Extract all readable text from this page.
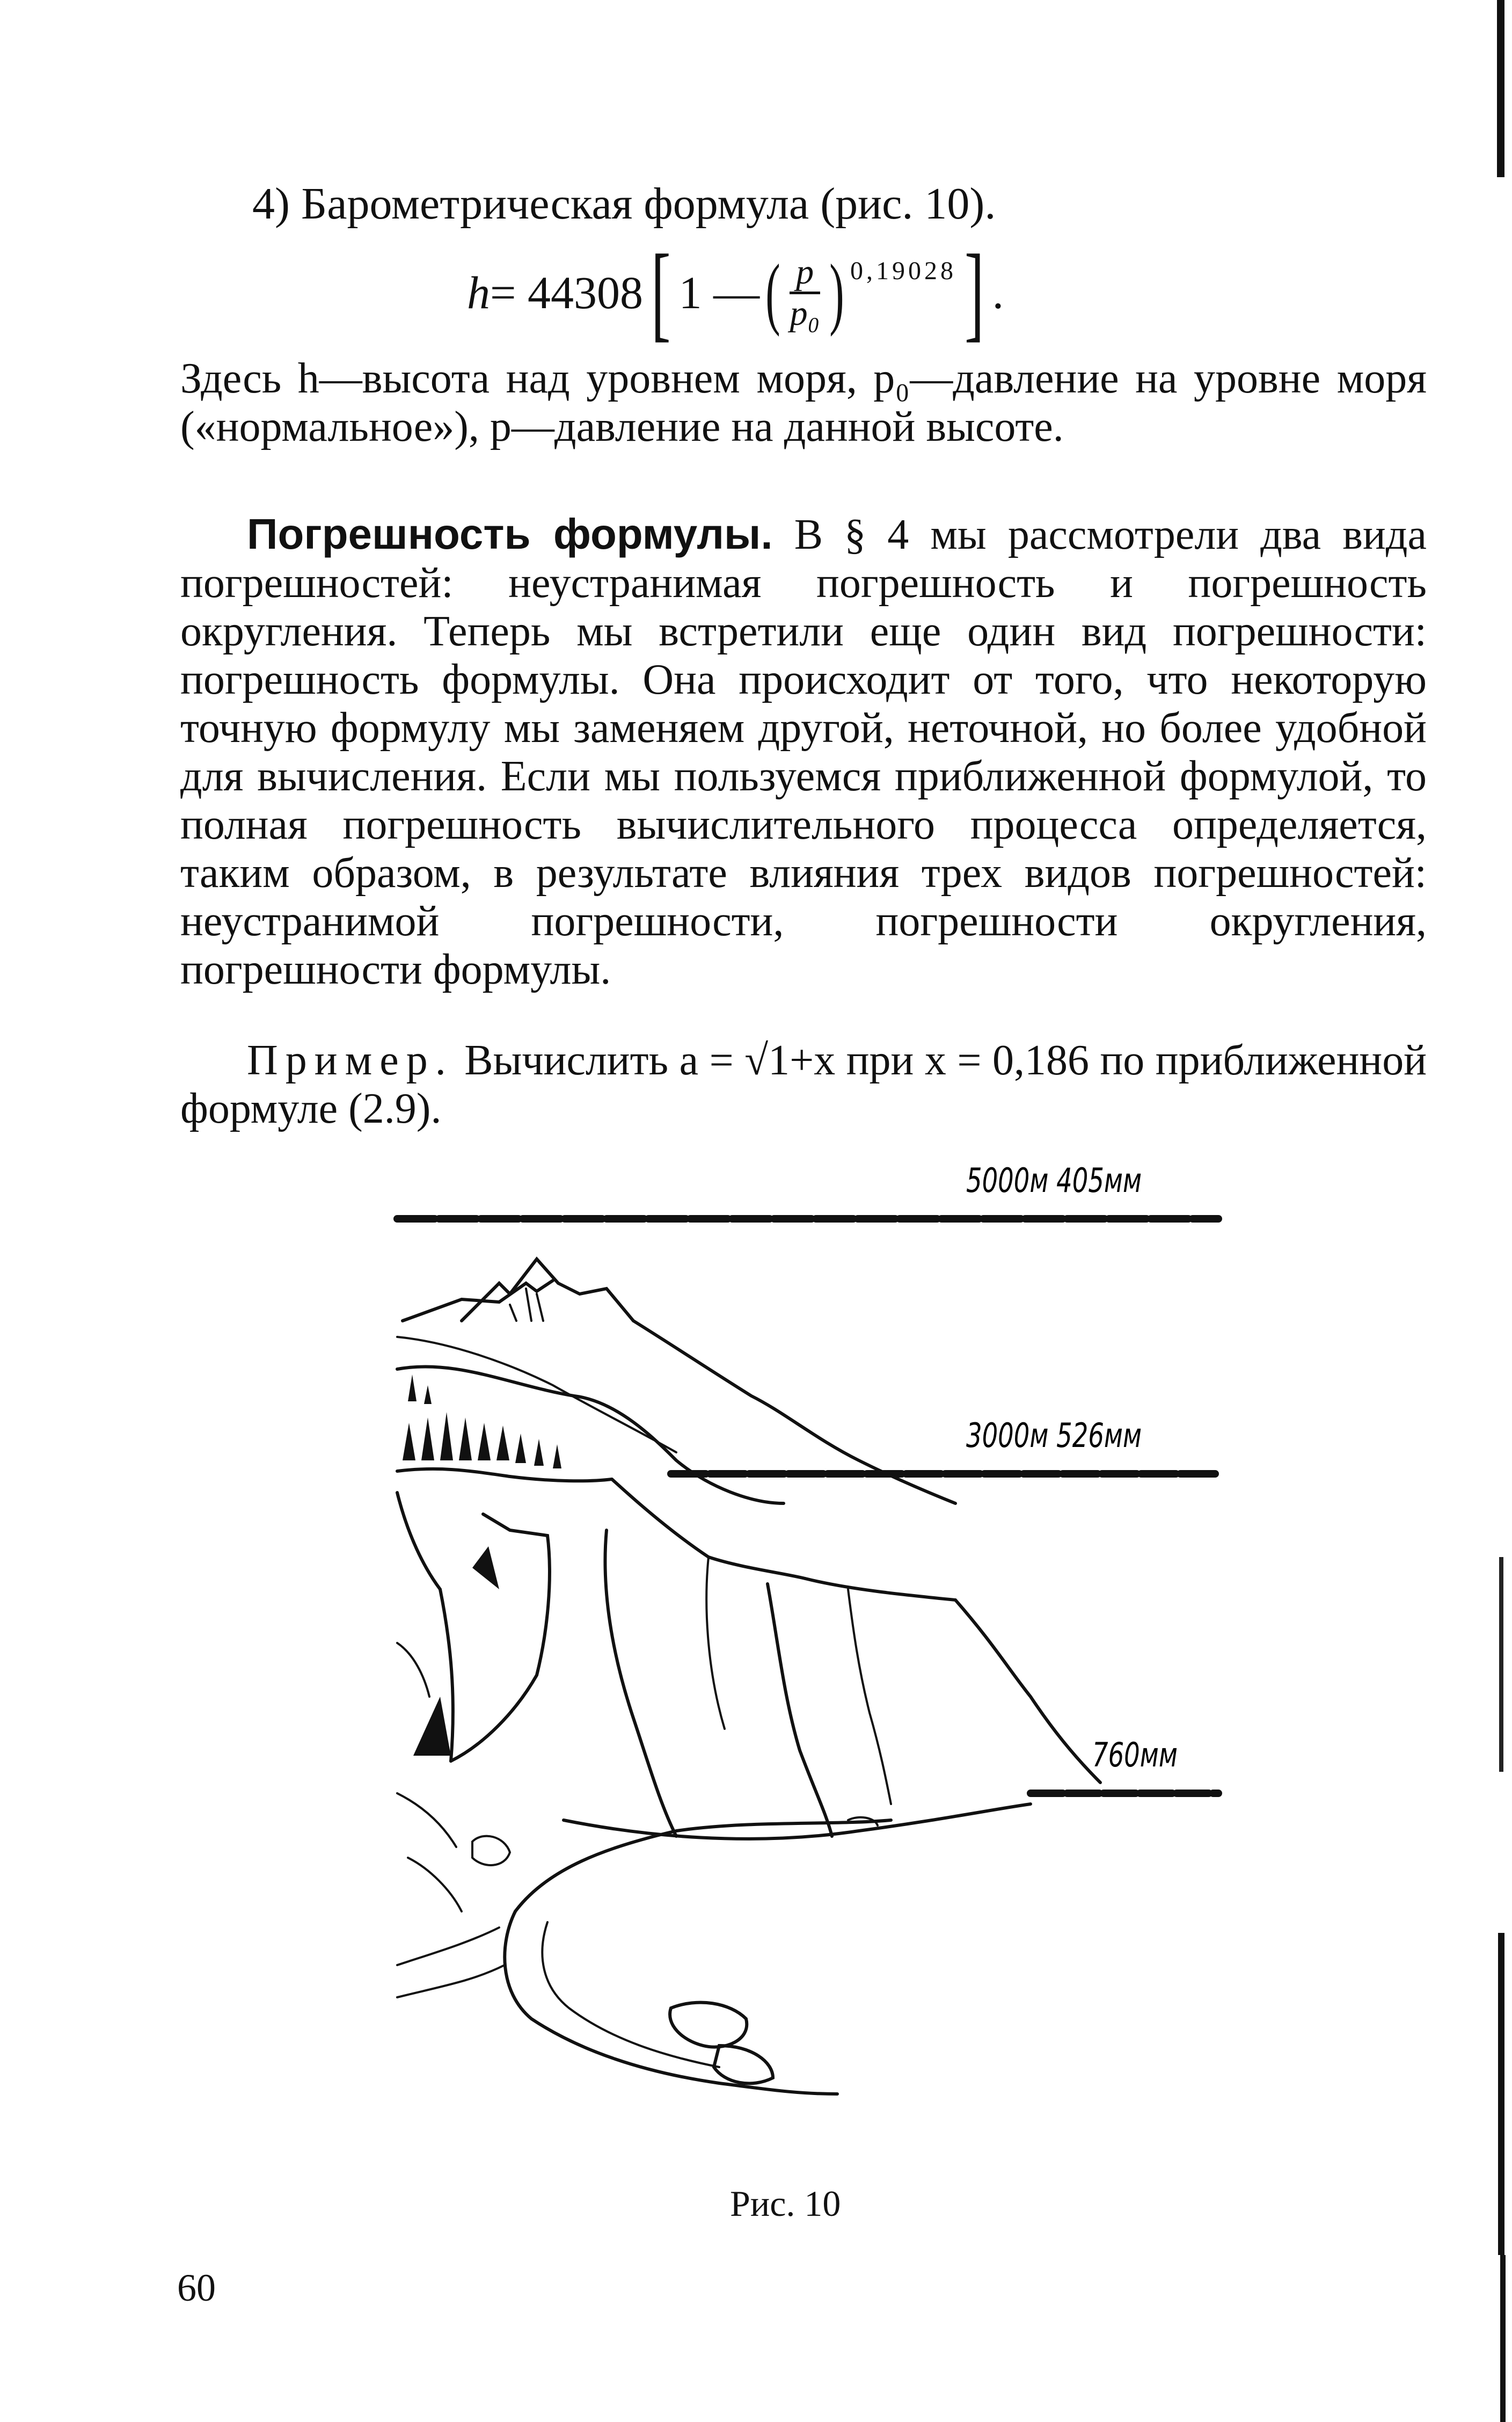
4) Барометрическая формула (рис. 10).
h = 44308 [ 1 — ( $\frac{p}{\text{p₀}}$ ) 0,19028 ] .

Здесь h—высота над уровнем моря, p₀—давление на уровне моря («нормальное»), p—давление на данной высоте.

Погрешность формулы. В § 4 мы рассмотрели два вида погрешностей: неустранимая погрешность и погрешность округления. Теперь мы встретили еще один вид погрешности: погрешность формулы. Она происходит от того, что некоторую точную формулу мы заменяем другой, неточной, но более удобной для вычисления. Если мы пользуемся приближенной формулой, то полная погрешность вычислительного процесса определяется, таким образом, в результате влияния трех видов погрешностей: неустранимой погрешности, погрешности округления, погрешности формулы.

Пример. Вычислить a = √1+x при x = 0,186 по приближенной формуле (2.9).

5000м 405мм
3000м 526мм
760мм
Рис. 10
60
